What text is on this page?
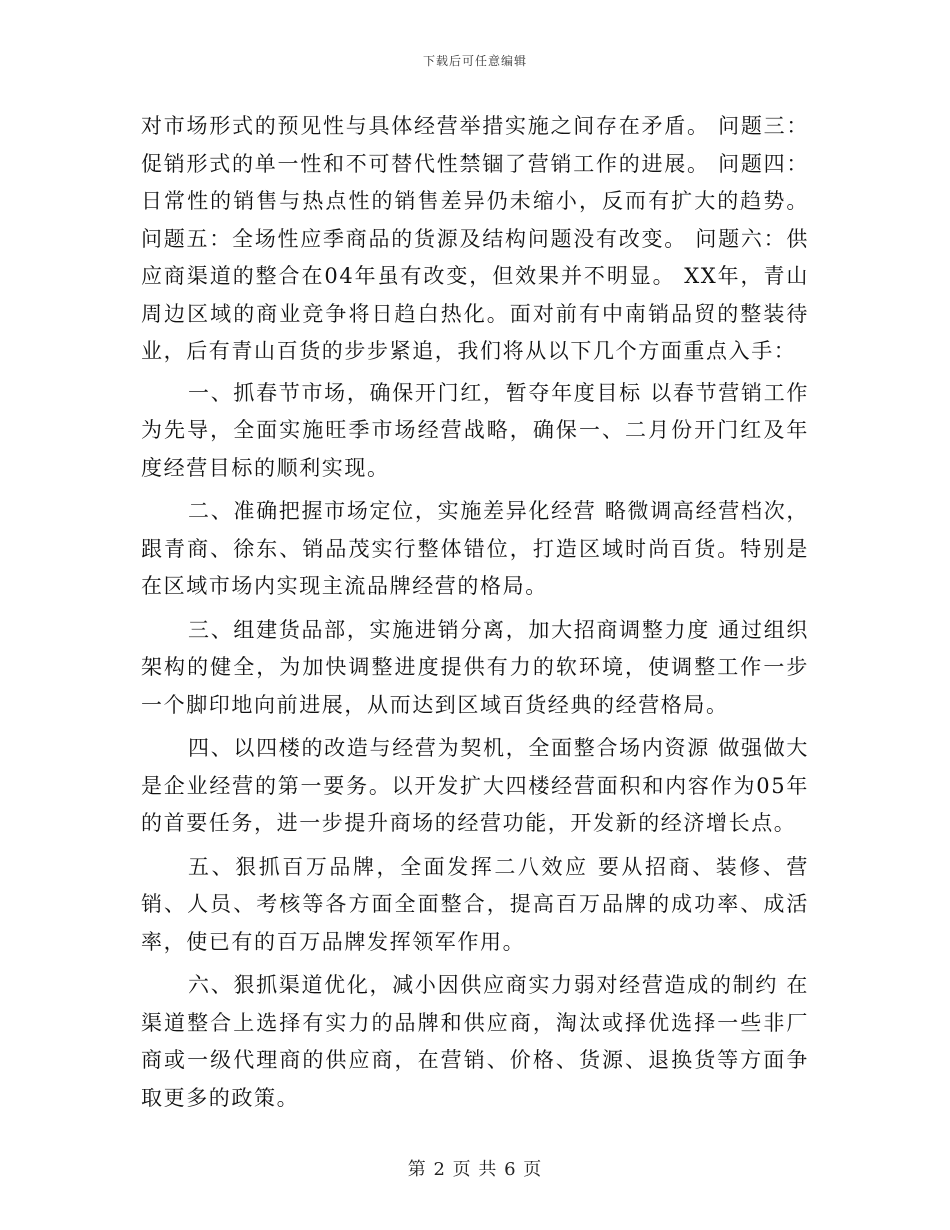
下载后可任意编辑

对市场形式的预见性与具体经营举措实施之间存在矛盾。 问题三：促销形式的单一性和不可替代性禁锢了营销工作的进展。 问题四：日常性的销售与热点性的销售差异仍未缩小，反而有扩大的趋势。 问题五：全场性应季商品的货源及结构问题没有改变。 问题六：供应商渠道的整合在04年虽有改变，但效果并不明显。 XX年，青山周边区域的商业竞争将日趋白热化。面对前有中南销品贸的整装待业，后有青山百货的步步紧追，我们将从以下几个方面重点入手：

一、抓春节市场，确保开门红，暂夺年度目标 以春节营销工作为先导，全面实施旺季市场经营战略，确保一、二月份开门红及年度经营目标的顺利实现。

二、准确把握市场定位，实施差异化经营 略微调高经营档次，跟青商、徐东、销品茂实行整体错位，打造区域时尚百货。特别是在区域市场内实现主流品牌经营的格局。

三、组建货品部，实施进销分离，加大招商调整力度 通过组织架构的健全，为加快调整进度提供有力的软环境，使调整工作一步一个脚印地向前进展，从而达到区域百货经典的经营格局。

四、以四楼的改造与经营为契机，全面整合场内资源 做强做大是企业经营的第一要务。以开发扩大四楼经营面积和内容作为05年的首要任务，进一步提升商场的经营功能，开发新的经济增长点。

五、狠抓百万品牌，全面发挥二八效应 要从招商、装修、营销、人员、考核等各方面全面整合，提高百万品牌的成功率、成活率，使已有的百万品牌发挥领军作用。

六、狠抓渠道优化，减小因供应商实力弱对经营造成的制约 在渠道整合上选择有实力的品牌和供应商，淘汰或择优选择一些非厂商或一级代理商的供应商，在营销、价格、货源、退换货等方面争取更多的政策。

第 2 页 共 6 页
